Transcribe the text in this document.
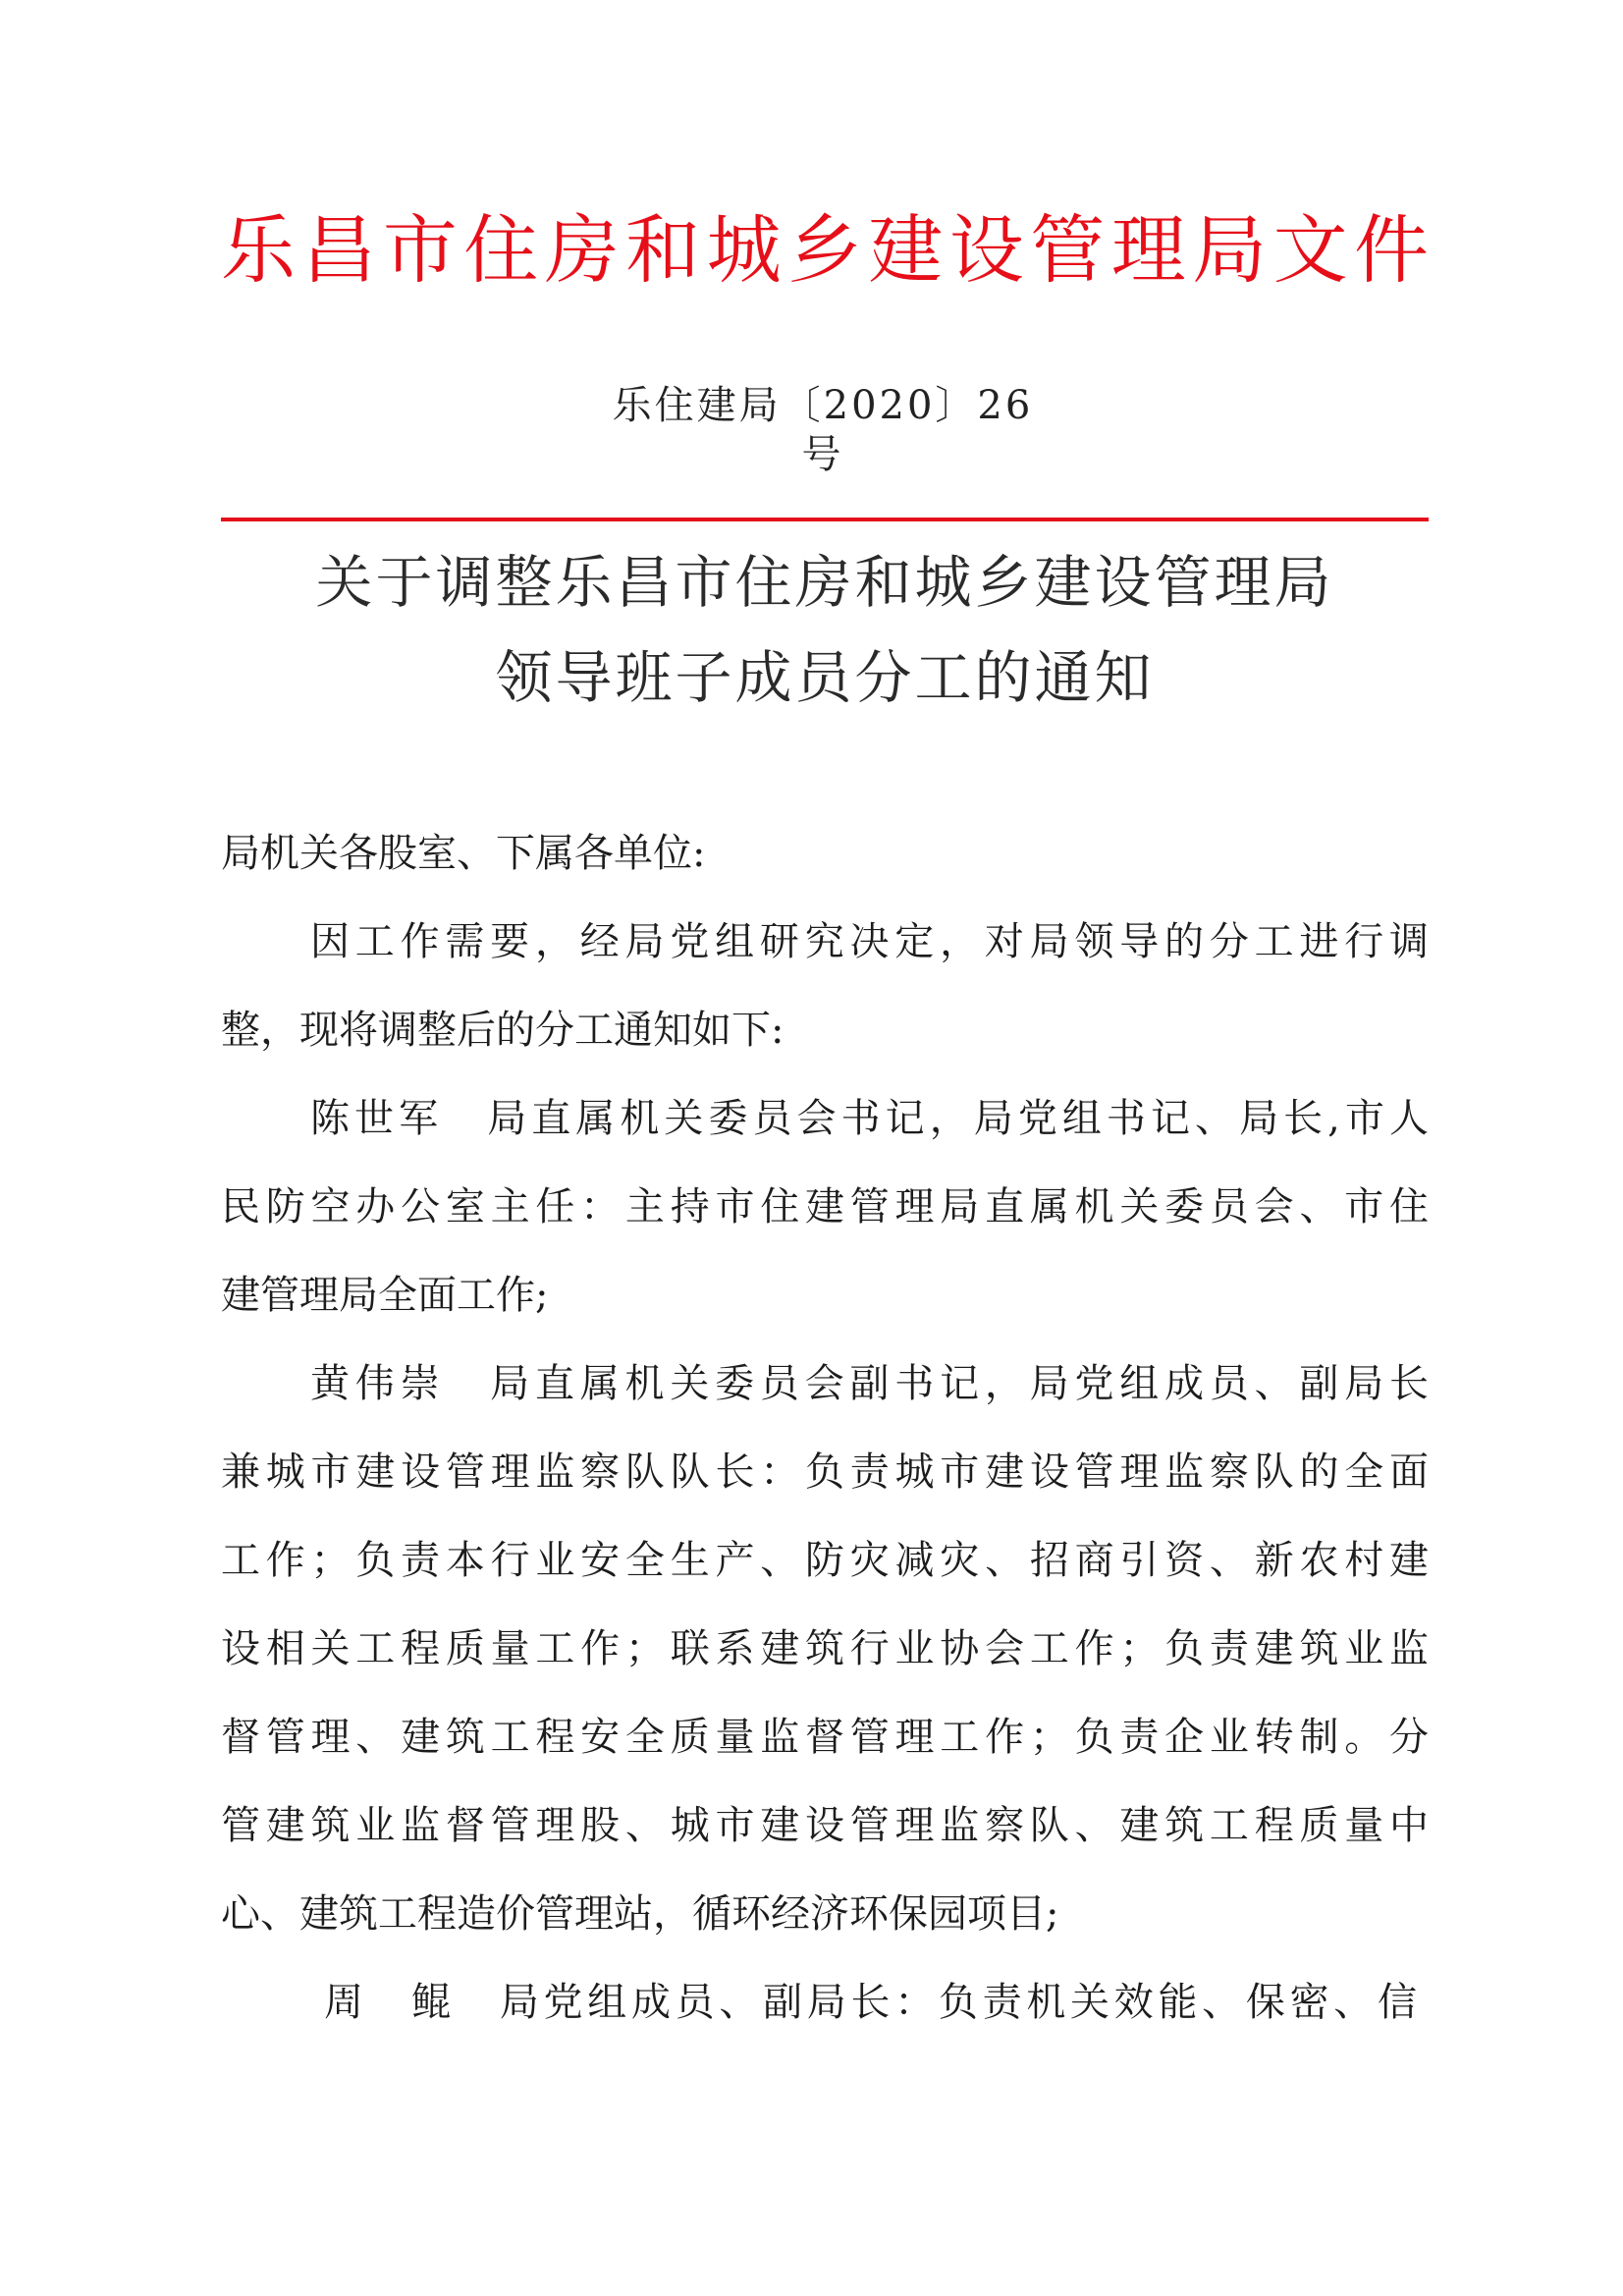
乐昌市住房和城乡建设管理局文件
乐住建局〔2020〕26 号
关于调整乐昌市住房和城乡建设管理局
领导班子成员分工的通知
局机关各股室、下属各单位:
因工作需要，经局党组研究决定，对局领导的分工进行调
整，现将调整后的分工通知如下:
陈世军　局直属机关委员会书记，局党组书记、局长,市人
民防空办公室主任：主持市住建管理局直属机关委员会、市住
建管理局全面工作;
黄伟崇　局直属机关委员会副书记，局党组成员、副局长
兼城市建设管理监察队队长：负责城市建设管理监察队的全面
工作；负责本行业安全生产、防灾减灾、招商引资、新农村建
设相关工程质量工作；联系建筑行业协会工作；负责建筑业监
督管理、建筑工程安全质量监督管理工作；负责企业转制。分
管建筑业监督管理股、城市建设管理监察队、建筑工程质量中
心、建筑工程造价管理站，循环经济环保园项目;
周　鲲　局党组成员、副局长：负责机关效能、保密、信
